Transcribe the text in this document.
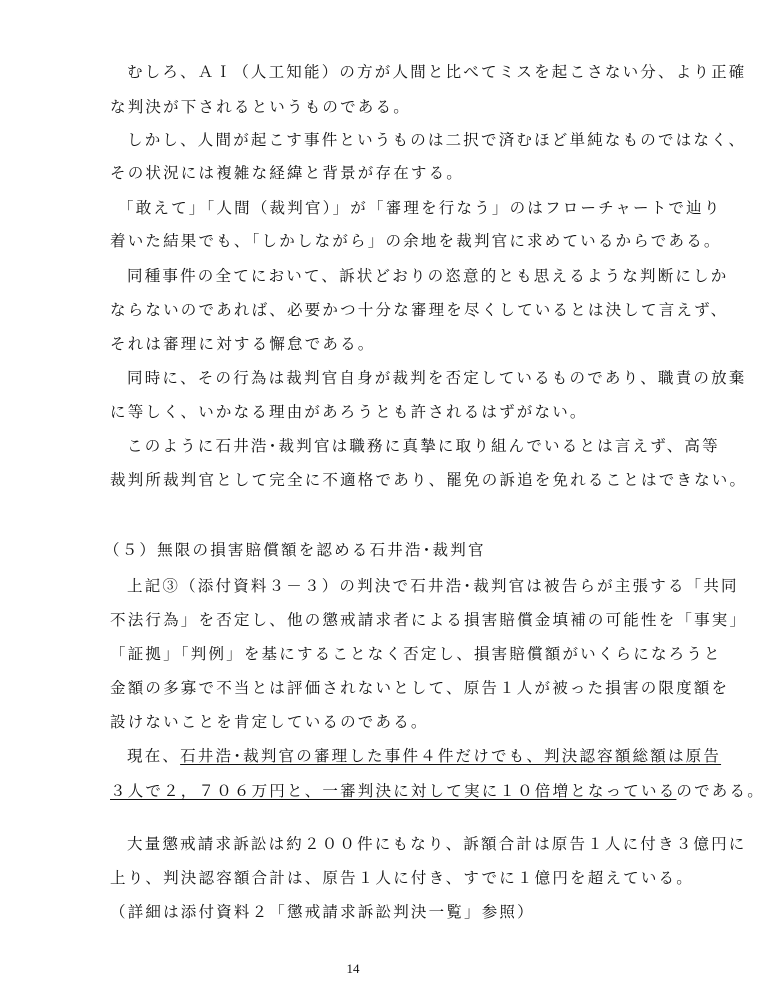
むしろ、ＡＩ（人工知能）の方が人間と比べてミスを起こさない分、より正確
な判決が下されるというものである。
しかし、人間が起こす事件というものは二択で済むほど単純なものではなく、
その状況には複雑な経緯と背景が存在する。
「敢えて」「人間（裁判官）」が「審理を行なう」のはフローチャートで辿り
着いた結果でも、「しかしながら」の余地を裁判官に求めているからである。
同種事件の全てにおいて、訴状どおりの恣意的とも思えるような判断にしか
ならないのであれば、必要かつ十分な審理を尽くしているとは決して言えず、
それは審理に対する懈怠である。
同時に、その行為は裁判官自身が裁判を否定しているものであり、職責の放棄
に等しく、いかなる理由があろうとも許されるはずがない。
このように石井浩･裁判官は職務に真摯に取り組んでいるとは言えず、高等
裁判所裁判官として完全に不適格であり、罷免の訴追を免れることはできない。
（５）無限の損害賠償額を認める石井浩･裁判官
上記③（添付資料３－３）の判決で石井浩･裁判官は被告らが主張する「共同
不法行為」を否定し、他の懲戒請求者による損害賠償金填補の可能性を「事実」
「証拠」「判例」を基にすることなく否定し、損害賠償額がいくらになろうと
金額の多寡で不当とは評価されないとして、原告１人が被った損害の限度額を
設けないことを肯定しているのである。
現在、石井浩･裁判官の審理した事件４件だけでも、判決認容額総額は原告
３人で２，７０６万円と、一審判決に対して実に１０倍増となっているのである。
大量懲戒請求訴訟は約２００件にもなり、訴額合計は原告１人に付き３億円に
上り、判決認容額合計は、原告１人に付き、すでに１億円を超えている。
（詳細は添付資料２「懲戒請求訴訟判決一覧」参照）
14
